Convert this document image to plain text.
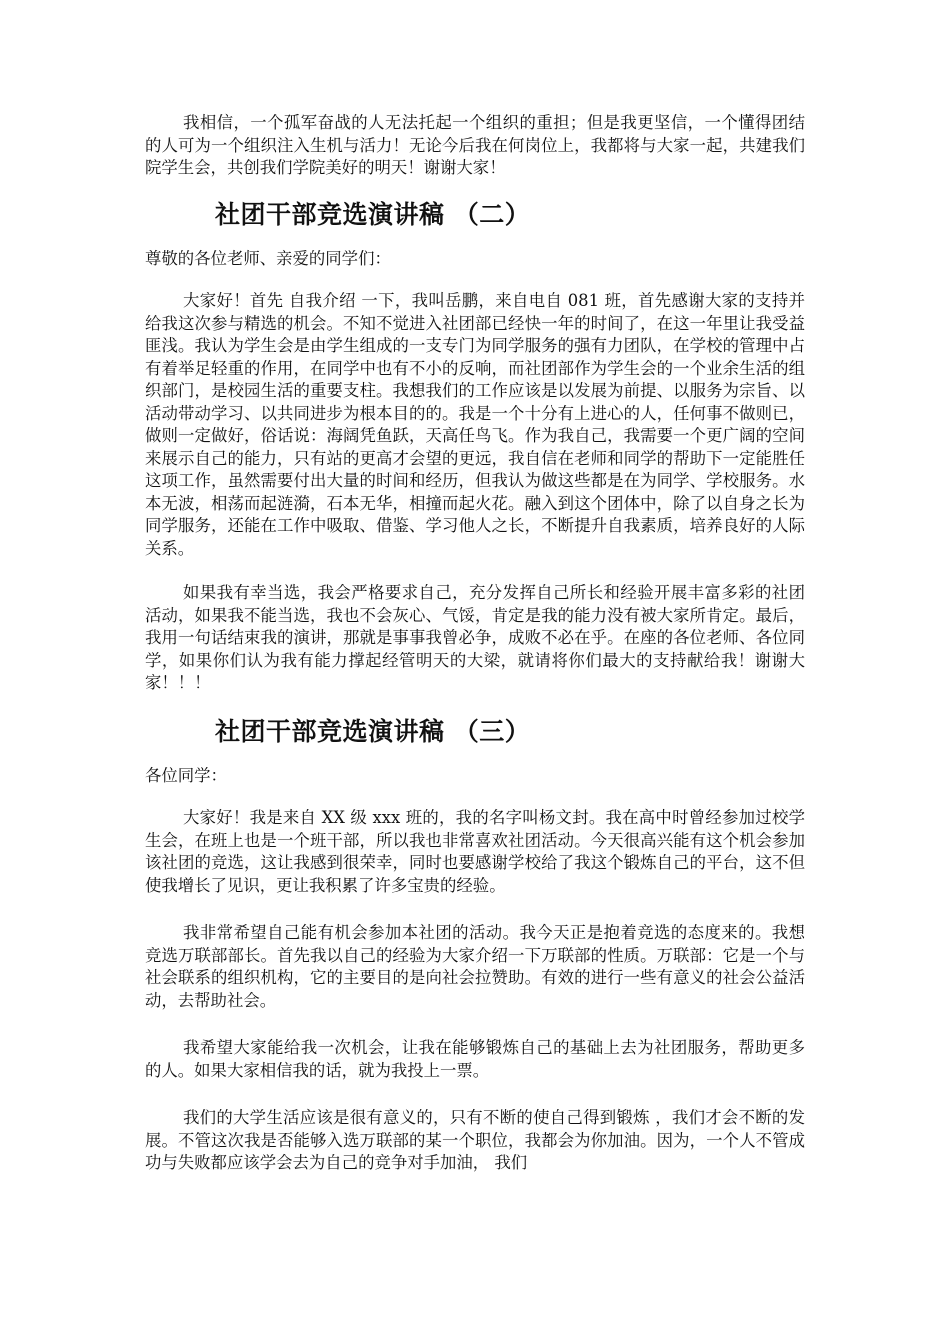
我相信，一个孤军奋战的人无法托起一个组织的重担；但是我更坚信，一个懂得团结的人可为一个组织注入生机与活力！无论今后我在何岗位上，我都将与大家一起，共建我们院学生会，共创我们学院美好的明天！谢谢大家！

社团干部竞选演讲稿 （二）

尊敬的各位老师、亲爱的同学们：

大家好！首先 自我介绍 一下，我叫岳鹏，来自电自 081 班，首先感谢大家的支持并给我这次参与精选的机会。不知不觉进入社团部已经快一年的时间了，在这一年里让我受益匪浅。我认为学生会是由学生组成的一支专门为同学服务的强有力团队，在学校的管理中占有着举足轻重的作用，在同学中也有不小的反响，而社团部作为学生会的一个业余生活的组织部门，是校园生活的重要支柱。我想我们的工作应该是以发展为前提、以服务为宗旨、以活动带动学习、以共同进步为根本目的的。我是一个十分有上进心的人，任何事不做则已，做则一定做好，俗话说：海阔凭鱼跃，天高任鸟飞。作为我自己，我需要一个更广阔的空间来展示自己的能力，只有站的更高才会望的更远，我自信在老师和同学的帮助下一定能胜任这项工作，虽然需要付出大量的时间和经历，但我认为做这些都是在为同学、学校服务。水本无波，相荡而起涟漪，石本无华，相撞而起火花。融入到这个团体中，除了以自身之长为同学服务，还能在工作中吸取、借鉴、学习他人之长，不断提升自我素质，培养良好的人际关系。

如果我有幸当选，我会严格要求自己，充分发挥自己所长和经验开展丰富多彩的社团活动，如果我不能当选，我也不会灰心、气馁，肯定是我的能力没有被大家所肯定。最后，我用一句话结束我的演讲，那就是事事我曾必争，成败不必在乎。在座的各位老师、各位同学，如果你们认为我有能力撑起经管明天的大梁，就请将你们最大的支持献给我！谢谢大家！！！

社团干部竞选演讲稿 （三）

各位同学：

大家好！我是来自 XX 级 xxx 班的，我的名字叫杨文封。我在高中时曾经参加过校学生会，在班上也是一个班干部，所以我也非常喜欢社团活动。今天很高兴能有这个机会参加该社团的竞选，这让我感到很荣幸，同时也要感谢学校给了我这个锻炼自己的平台，这不但使我增长了见识，更让我积累了许多宝贵的经验。

我非常希望自己能有机会参加本社团的活动。我今天正是抱着竞选的态度来的。我想竞选万联部部长。首先我以自己的经验为大家介绍一下万联部的性质。万联部：它是一个与社会联系的组织机构，它的主要目的是向社会拉赞助。有效的进行一些有意义的社会公益活动，去帮助社会。

我希望大家能给我一次机会，让我在能够锻炼自己的基础上去为社团服务，帮助更多的人。如果大家相信我的话，就为我投上一票。

我们的大学生活应该是很有意义的，只有不断的使自己得到锻炼 ，我们才会不断的发展。不管这次我是否能够入选万联部的某一个职位，我都会为你加油。因为，一个人不管成功与失败都应该学会去为自己的竞争对手加油， 我们
